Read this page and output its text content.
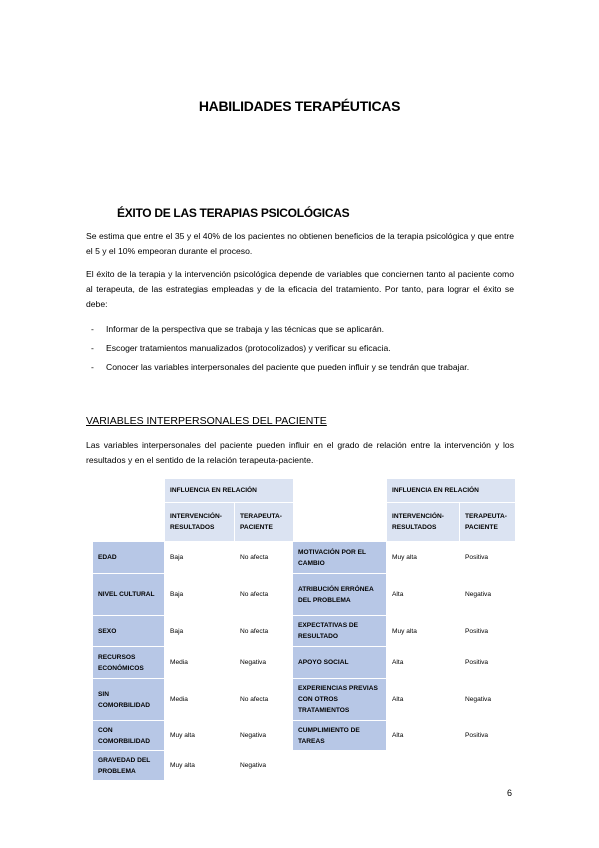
HABILIDADES TERAPÉUTICAS
ÉXITO DE LAS TERAPIAS PSICOLÓGICAS
Se estima que entre el 35 y el 40% de los pacientes no obtienen beneficios de la terapia psicológica y que entre el 5 y el 10% empeoran durante el proceso.
El éxito de la terapia y la intervención psicológica depende de variables que conciernen tanto al paciente como al terapeuta, de las estrategias empleadas y de la eficacia del tratamiento. Por tanto, para lograr el éxito se debe:
- Informar de la perspectiva que se trabaja y las técnicas que se aplicarán.
- Escoger tratamientos manualizados (protocolizados) y verificar su eficacia.
- Conocer las variables interpersonales del paciente que pueden influir y se tendrán que trabajar.
VARIABLES INTERPERSONALES DEL PACIENTE
Las variables interpersonales del paciente pueden influir en el grado de relación entre la intervención y los resultados y en el sentido de la relación terapeuta-paciente.
	INFLUENCIA EN RELACIÓN	
	INTERVENCIÓN-RESULTADOS	TERAPEUTA-PACIENTE
EDAD	Baja	No afecta
NIVEL CULTURAL	Baja	No afecta
SEXO	Baja	No afecta
RECURSOS ECONÓMICOS	Media	Negativa
SIN COMORBILIDAD	Media	No afecta
CON COMORBILIDAD	Muy alta	Negativa
GRAVEDAD DEL PROBLEMA	Muy alta	Negativa
	INFLUENCIA EN RELACIÓN	
	INTERVENCIÓN-RESULTADOS	TERAPEUTA-PACIENTE
MOTIVACIÓN POR EL CAMBIO	Muy alta	Positiva
ATRIBUCIÓN ERRÓNEA DEL PROBLEMA	Alta	Negativa
EXPECTATIVAS DE RESULTADO	Muy alta	Positiva
APOYO SOCIAL	Alta	Positiva
EXPERIENCIAS PREVIAS CON OTROS TRATAMIENTOS	Alta	Negativa
CUMPLIMIENTO DE TAREAS	Alta	Positiva
6
